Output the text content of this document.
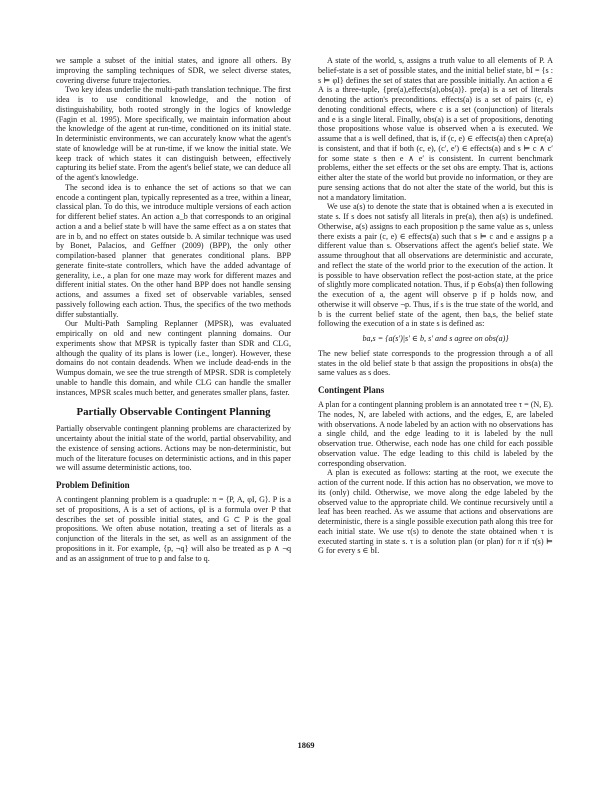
we sample a subset of the initial states, and ignore all others. By improving the sampling techniques of SDR, we select diverse states, covering diverse future trajectories.

Two key ideas underlie the multi-path translation technique. The first idea is to use conditional knowledge, and the notion of distinguishability, both rooted strongly in the logics of knowledge (Fagin et al. 1995). More specifically, we maintain information about the knowledge of the agent at run-time, conditioned on its initial state. In deterministic environments, we can accurately know what the agent's state of knowledge will be at run-time, if we know the initial state. We keep track of which states it can distinguish between, effectively capturing its belief state. From the agent's belief state, we can deduce all of the agent's knowledge.

The second idea is to enhance the set of actions so that we can encode a contingent plan, typically represented as a tree, within a linear, classical plan. To do this, we introduce multiple versions of each action for different belief states. An action a_b that corresponds to an original action a and a belief state b will have the same effect as a on states that are in b, and no effect on states outside b. A similar technique was used by Bonet, Palacios, and Geffner (2009) (BPP), the only other compilation-based planner that generates conditional plans. BPP generate finite-state controllers, which have the added advantage of generality, i.e., a plan for one maze may work for different mazes and different initial states. On the other hand BPP does not handle sensing actions, and assumes a fixed set of observable variables, sensed passively following each action. Thus, the specifics of the two methods differ substantially.

Our Multi-Path Sampling Replanner (MPSR), was evaluated empirically on old and new contingent planning domains. Our experiments show that MPSR is typically faster than SDR and CLG, although the quality of its plans is lower (i.e., longer). However, these domains do not contain deadends. When we include dead-ends in the Wumpus domain, we see the true strength of MPSR. SDR is completely unable to handle this domain, and while CLG can handle the smaller instances, MPSR scales much better, and generates smaller plans, faster.

Partially Observable Contingent Planning

Partially observable contingent planning problems are characterized by uncertainty about the initial state of the world, partial observability, and the existence of sensing actions. Actions may be non-deterministic, but much of the literature focuses on deterministic actions, and in this paper we will assume deterministic actions, too.

Problem Definition

A contingent planning problem is a quadruple: π = ⟨P, A, φI, G⟩. P is a set of propositions, A is a set of actions, φI is a formula over P that describes the set of possible initial states, and G ⊂ P is the goal propositions. We often abuse notation, treating a set of literals as a conjunction of the literals in the set, as well as an assignment of the propositions in it. For example, {p, ¬q} will also be treated as p ∧ ¬q and as an assignment of true to p and false to q.

A state of the world, s, assigns a truth value to all elements of P. A belief-state is a set of possible states, and the initial belief state, bI = {s : s ⊨ φI} defines the set of states that are possible initially. An action a ∈ A is a three-tuple, {pre(a),effects(a),obs(a)}. pre(a) is a set of literals denoting the action's preconditions. effects(a) is a set of pairs (c, e) denoting conditional effects, where c is a set (conjunction) of literals and e is a single literal. Finally, obs(a) is a set of propositions, denoting those propositions whose value is observed when a is executed. We assume that a is well defined, that is, if (c, e) ∈ effects(a) then c∧pre(a) is consistent, and that if both (c, e), (c′, e′) ∈ effects(a) and s ⊨ c ∧ c′ for some state s then e ∧ e′ is consistent. In current benchmark problems, either the set effects or the set obs are empty. That is, actions either alter the state of the world but provide no information, or they are pure sensing actions that do not alter the state of the world, but this is not a mandatory limitation.

We use a(s) to denote the state that is obtained when a is executed in state s. If s does not satisfy all literals in pre(a), then a(s) is undefined. Otherwise, a(s) assigns to each proposition p the same value as s, unless there exists a pair (c, e) ∈ effects(a) such that s ⊨ c and e assigns p a different value than s. Observations affect the agent's belief state. We assume throughout that all observations are deterministic and accurate, and reflect the state of the world prior to the execution of the action. It is possible to have observation reflect the post-action state, at the price of slightly more complicated notation. Thus, if p ∈obs(a) then following the execution of a, the agent will observe p if p holds now, and otherwise it will observe ¬p. Thus, if s is the true state of the world, and b is the current belief state of the agent, then ba,s, the belief state following the execution of a in state s is defined as:

ba,s = {a(s′)|s′ ∈ b, s′ and s agree on obs(a)}

The new belief state corresponds to the progression through a of all states in the old belief state b that assign the propositions in obs(a) the same values as s does.

Contingent Plans

A plan for a contingent planning problem is an annotated tree τ = (N, E). The nodes, N, are labeled with actions, and the edges, E, are labeled with observations. A node labeled by an action with no observations has a single child, and the edge leading to it is labeled by the null observation true. Otherwise, each node has one child for each possible observation value. The edge leading to this child is labeled by the corresponding observation.

A plan is executed as follows: starting at the root, we execute the action of the current node. If this action has no observation, we move to its (only) child. Otherwise, we move along the edge labeled by the observed value to the appropriate child. We continue recursively until a leaf has been reached. As we assume that actions and observations are deterministic, there is a single possible execution path along this tree for each initial state. We use τ(s) to denote the state obtained when τ is executed starting in state s. τ is a solution plan (or plan) for π if τ(s) ⊨ G for every s ∈ bI.

1869
